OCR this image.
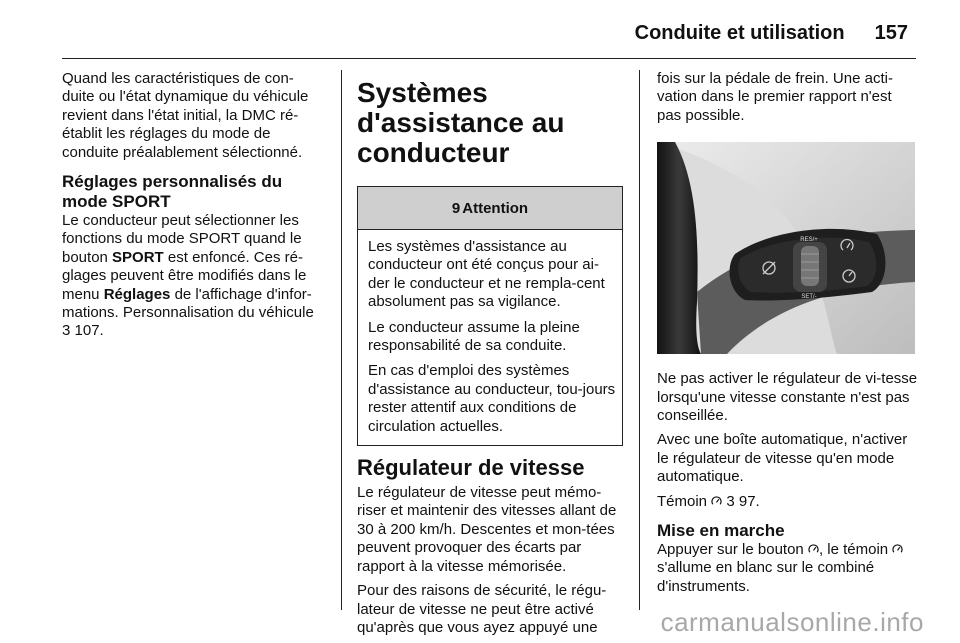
Conduite et utilisation 157

Quand les caractéristiques de con-duite ou l'état dynamique du véhicule revient dans l'état initial, la DMC ré-établit les réglages du mode de conduite préalablement sélectionné.

Réglages personnalisés du mode SPORT

Le conducteur peut sélectionner les fonctions du mode SPORT quand le bouton SPORT est enfoncé. Ces ré-glages peuvent être modifiés dans le menu Réglages de l'affichage d'infor-mations. Personnalisation du véhicule 3 107.

Systèmes d'assistance au conducteur
9 Attention

Les systèmes d'assistance au conducteur ont été conçus pour ai-der le conducteur et ne rempla-cent absolument pas sa vigilance.

Le conducteur assume la pleine responsabilité de sa conduite.

En cas d'emploi des systèmes d'assistance au conducteur, tou-jours rester attentif aux conditions de circulation actuelles.

Régulateur de vitesse

Le régulateur de vitesse peut mémo-riser et maintenir des vitesses allant de 30 à 200 km/h. Descentes et mon-tées peuvent provoquer des écarts par rapport à la vitesse mémorisée.

Pour des raisons de sécurité, le régu-lateur de vitesse ne peut être activé qu'après que vous ayez appuyé une

fois sur la pédale de frein. Une acti-vation dans le premier rapport n'est pas possible.

RES/+
SET/-

Ne pas activer le régulateur de vi-tesse lorsqu'une vitesse constante n'est pas conseillée.

Avec une boîte automatique, n'activer le régulateur de vitesse qu'en mode automatique.

Témoin  3 97.

Mise en marche

Appuyer sur le bouton , le témoin  s'allume en blanc sur le combiné d'instruments.

carmanualsonline.info
